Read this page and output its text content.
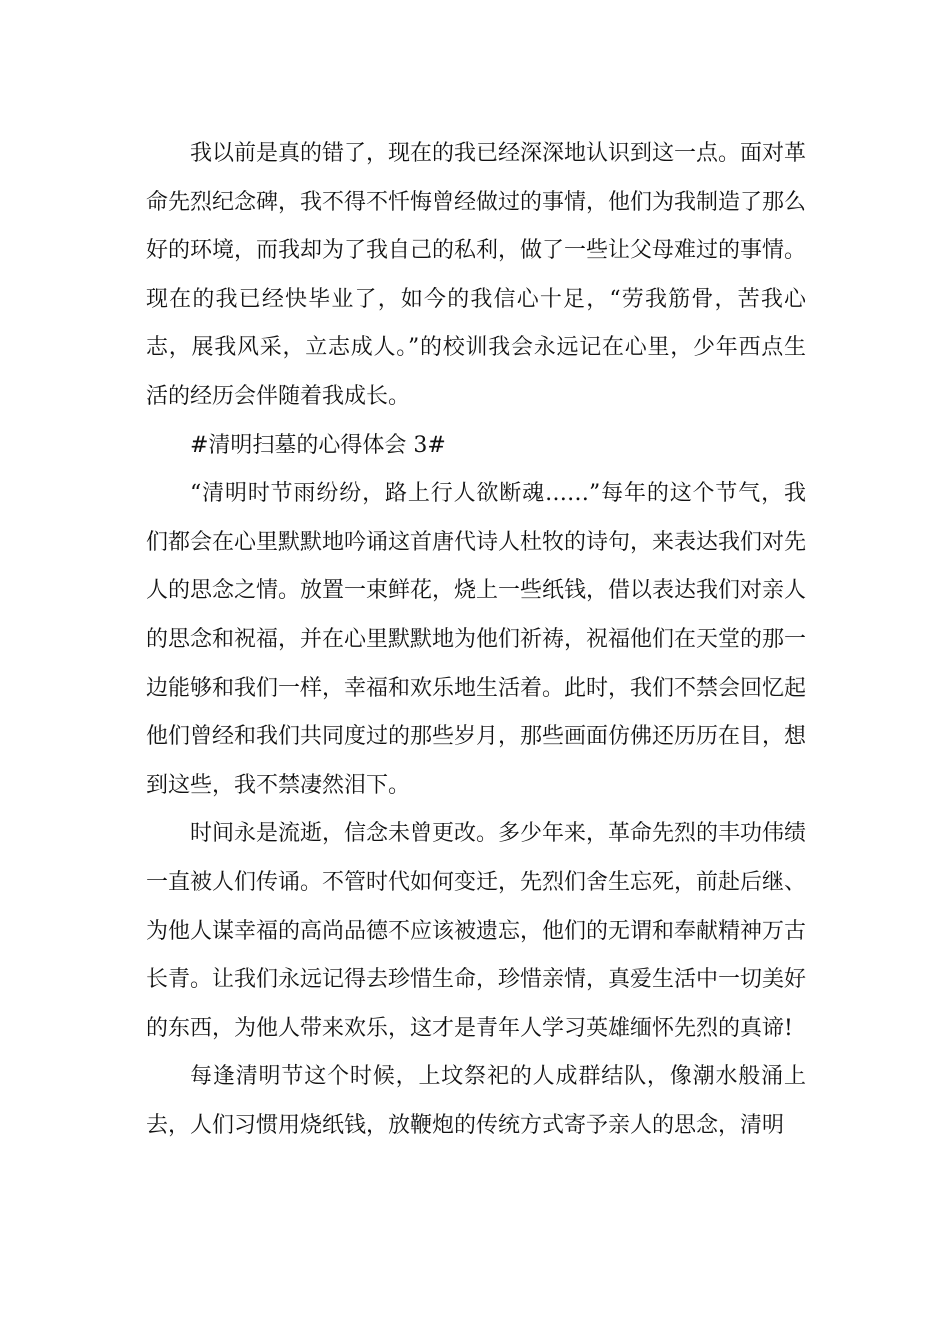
我以前是真的错了，现在的我已经深深地认识到这一点。面对革命先烈纪念碑，我不得不忏悔曾经做过的事情，他们为我制造了那么好的环境，而我却为了我自己的私利，做了一些让父母难过的事情。现在的我已经快毕业了，如今的我信心十足，“劳我筋骨，苦我心志，展我风采，立志成人。”的校训我会永远记在心里，少年西点生活的经历会伴随着我成长。

#清明扫墓的心得体会 3#

“清明时节雨纷纷，路上行人欲断魂……”每年的这个节气，我们都会在心里默默地吟诵这首唐代诗人杜牧的诗句，来表达我们对先人的思念之情。放置一束鲜花，烧上一些纸钱，借以表达我们对亲人的思念和祝福，并在心里默默地为他们祈祷，祝福他们在天堂的那一边能够和我们一样，幸福和欢乐地生活着。此时，我们不禁会回忆起他们曾经和我们共同度过的那些岁月，那些画面仿佛还历历在目，想到这些，我不禁凄然泪下。

时间永是流逝，信念未曾更改。多少年来，革命先烈的丰功伟绩一直被人们传诵。不管时代如何变迁，先烈们舍生忘死，前赴后继、为他人谋幸福的高尚品德不应该被遗忘，他们的无谓和奉献精神万古长青。让我们永远记得去珍惜生命，珍惜亲情，真爱生活中一切美好的东西，为他人带来欢乐，这才是青年人学习英雄缅怀先烈的真谛!

每逢清明节这个时候，上坟祭祀的人成群结队，像潮水般涌上去，人们习惯用烧纸钱，放鞭炮的传统方式寄予亲人的思念，清明
